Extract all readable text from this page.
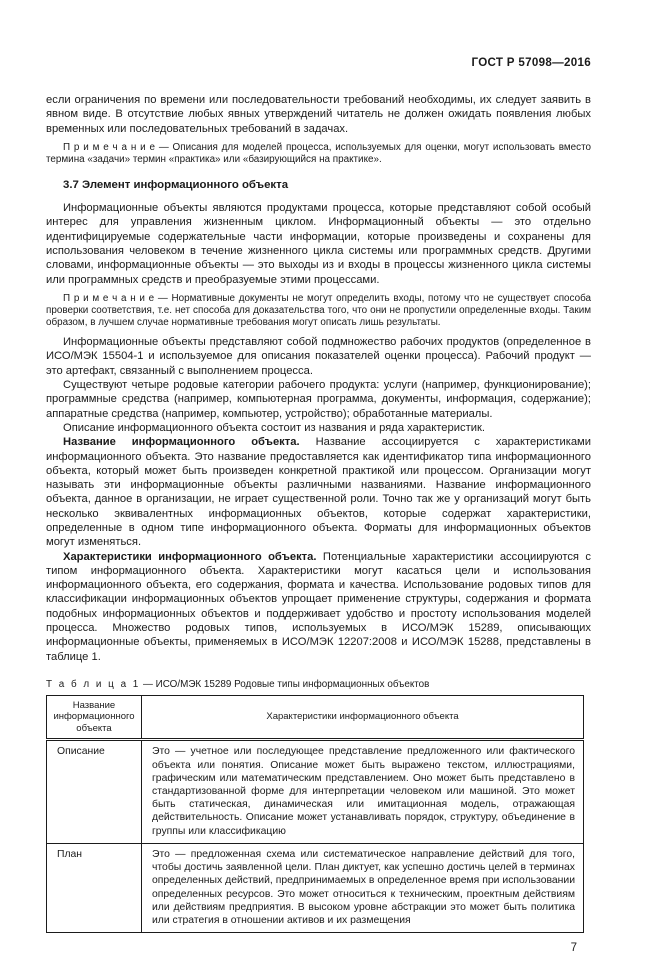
ГОСТ Р 57098—2016

если ограничения по времени или последовательности требований необходимы, их следует заявить в явном виде. В отсутствие любых явных утверждений читатель не должен ожидать появления любых временных или последовательных требований в задачах.

П р и м е ч а н и е — Описания для моделей процесса, используемых для оценки, могут использовать вместо термина «задачи» термин «практика» или «базирующийся на практике».

3.7 Элемент информационного объекта

Информационные объекты являются продуктами процесса, которые представляют собой особый интерес для управления жизненным циклом. Информационный объекты — это отдельно идентифицируемые содержательные части информации, которые произведены и сохранены для использования человеком в течение жизненного цикла системы или программных средств. Другими словами, информационные объекты — это выходы из и входы в процессы жизненного цикла системы или программных средств и преобразуемые этими процессами.

П р и м е ч а н и е — Нормативные документы не могут определить входы, потому что не существует способа проверки соответствия, т.е. нет способа для доказательства того, что они не пропустили определенные входы. Таким образом, в лучшем случае нормативные требования могут описать лишь результаты.

Информационные объекты представляют собой подмножество рабочих продуктов (определенное в ИСО/МЭК 15504-1 и используемое для описания показателей оценки процесса). Рабочий продукт — это артефакт, связанный с выполнением процесса.

Существуют четыре родовые категории рабочего продукта: услуги (например, функционирование); программные средства (например, компьютерная программа, документы, информация, содержание); аппаратные средства (например, компьютер, устройство); обработанные материалы.

Описание информационного объекта состоит из названия и ряда характеристик.

Название информационного объекта. Название ассоциируется с характеристиками информационного объекта. Это название предоставляется как идентификатор типа информационного объекта, который может быть произведен конкретной практикой или процессом. Организации могут называть эти информационные объекты различными названиями. Название информационного объекта, данное в организации, не играет существенной роли. Точно так же у организаций могут быть несколько эквивалентных информационных объектов, которые содержат характеристики, определенные в одном типе информационного объекта. Форматы для информационных объектов могут изменяться.

Характеристики информационного объекта. Потенциальные характеристики ассоциируются с типом информационного объекта. Характеристики могут касаться цели и использования информационного объекта, его содержания, формата и качества. Использование родовых типов для классификации информационных объектов упрощает применение структуры, содержания и формата подобных информационных объектов и поддерживает удобство и простоту использования моделей процесса. Множество родовых типов, используемых в ИСО/МЭК 15289, описывающих информационные объекты, применяемых в ИСО/МЭК 12207:2008 и ИСО/МЭК 15288, представлены в таблице 1.

Т а б л и ц а 1 — ИСО/МЭК 15289 Родовые типы информационных объектов
Название информационного объекта	Характеристики информационного объекта
Описание	Это — учетное или последующее представление предложенного или фактического объекта или понятия. Описание может быть выражено текстом, иллюстрациями, графическим или математическим представлением. Оно может быть представлено в стандартизованной форме для интерпретации человеком или машиной. Это может быть статическая, динамическая или имитационная модель, отражающая действительность. Описание может устанавливать порядок, структуру, объединение в группы или классификацию
План	Это — предложенная схема или систематическое направление действий для того, чтобы достичь заявленной цели. План диктует, как успешно достичь целей в терминах определенных действий, предпринимаемых в определенное время при использовании определенных ресурсов. Это может относиться к техническим, проектным действиям или действиям предприятия. В высоком уровне абстракции это может быть политика или стратегия в отношении активов и их размещения
7
